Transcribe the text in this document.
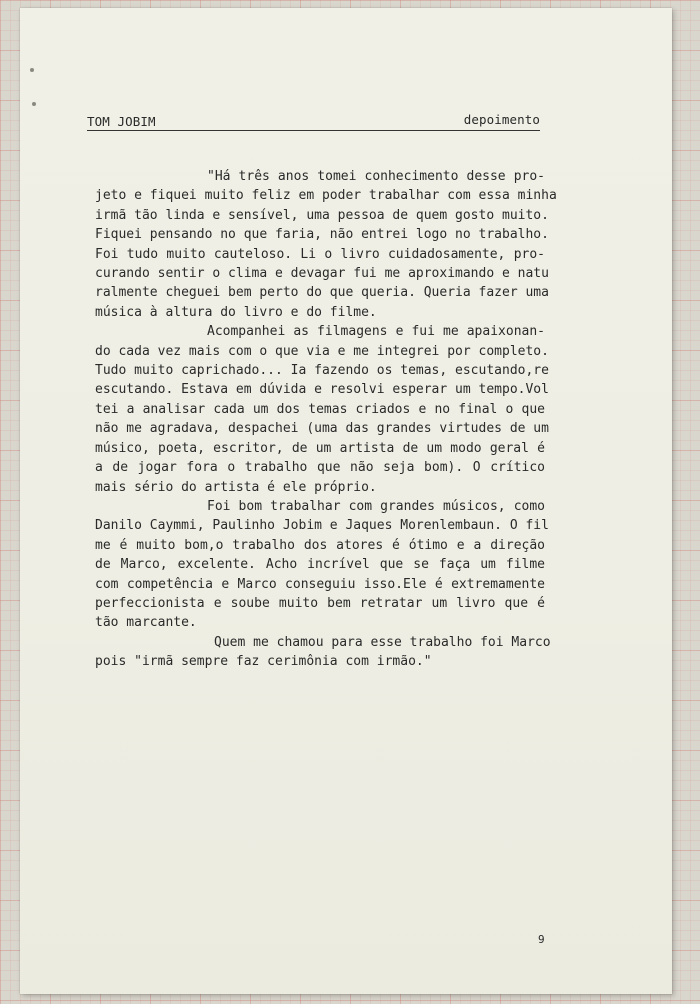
TOM JOBIM	depoimento
"Há três anos tomei conhecimento desse pro-
jeto e fiquei muito feliz em poder trabalhar com essa minha
irmã tão linda e sensível, uma pessoa de quem gosto muito.
Fiquei pensando no que faria, não entrei logo no trabalho.
Foi tudo muito cauteloso. Li o livro cuidadosamente, pro-
curando sentir o clima e devagar fui me aproximando e natu
ralmente cheguei bem perto do que queria. Queria fazer uma
música à altura do livro e do filme.
Acompanhei as filmagens e fui me apaixonan-
do cada vez mais com o que via e me integrei por completo.
Tudo muito caprichado... Ia fazendo os temas, escutando,re
escutando. Estava em dúvida e resolvi esperar um tempo.Vol
tei a analisar cada um dos temas criados e no final o que
não me agradava, despachei (uma das grandes virtudes de um
músico, poeta, escritor, de um artista de um modo geral é
a de jogar fora o trabalho que não seja bom). O crítico
mais sério do artista é ele próprio.
Foi bom trabalhar com grandes músicos, como
Danilo Caymmi, Paulinho Jobim e Jaques Morenlembaun. O fil
me é muito bom,o trabalho dos atores é ótimo e a direção
de Marco, excelente. Acho incrível que se faça um filme
com competência e Marco conseguiu isso.Ele é extremamente
perfeccionista e soube muito bem retratar um livro que é
tão marcante.
Quem me chamou para esse trabalho foi Marco
pois "irmã sempre faz cerimônia com irmão."
9
